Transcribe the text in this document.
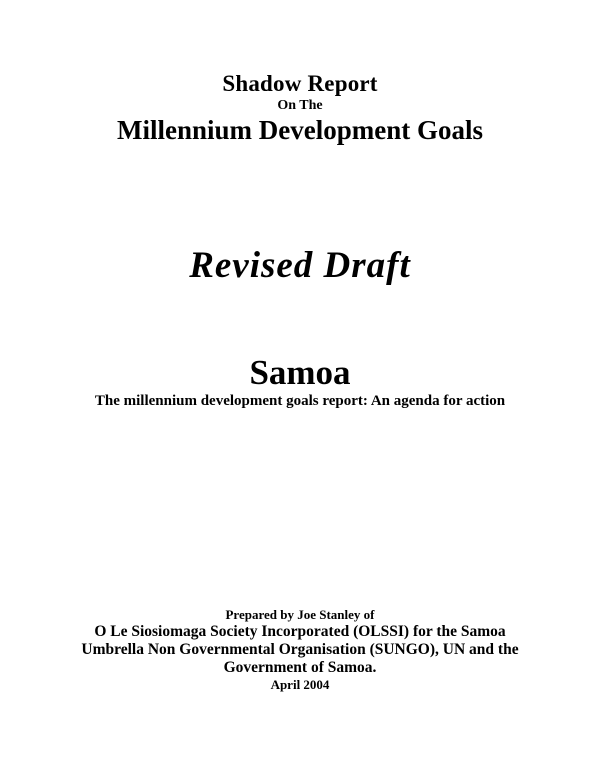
Shadow Report
On The
Millennium Development Goals
Revised Draft
Samoa
The millennium development goals report: An agenda for action
Prepared by Joe Stanley of
O Le Siosiomaga Society Incorporated (OLSSI) for the Samoa
Umbrella Non Governmental Organisation (SUNGO), UN and the
Government of Samoa.
April 2004
